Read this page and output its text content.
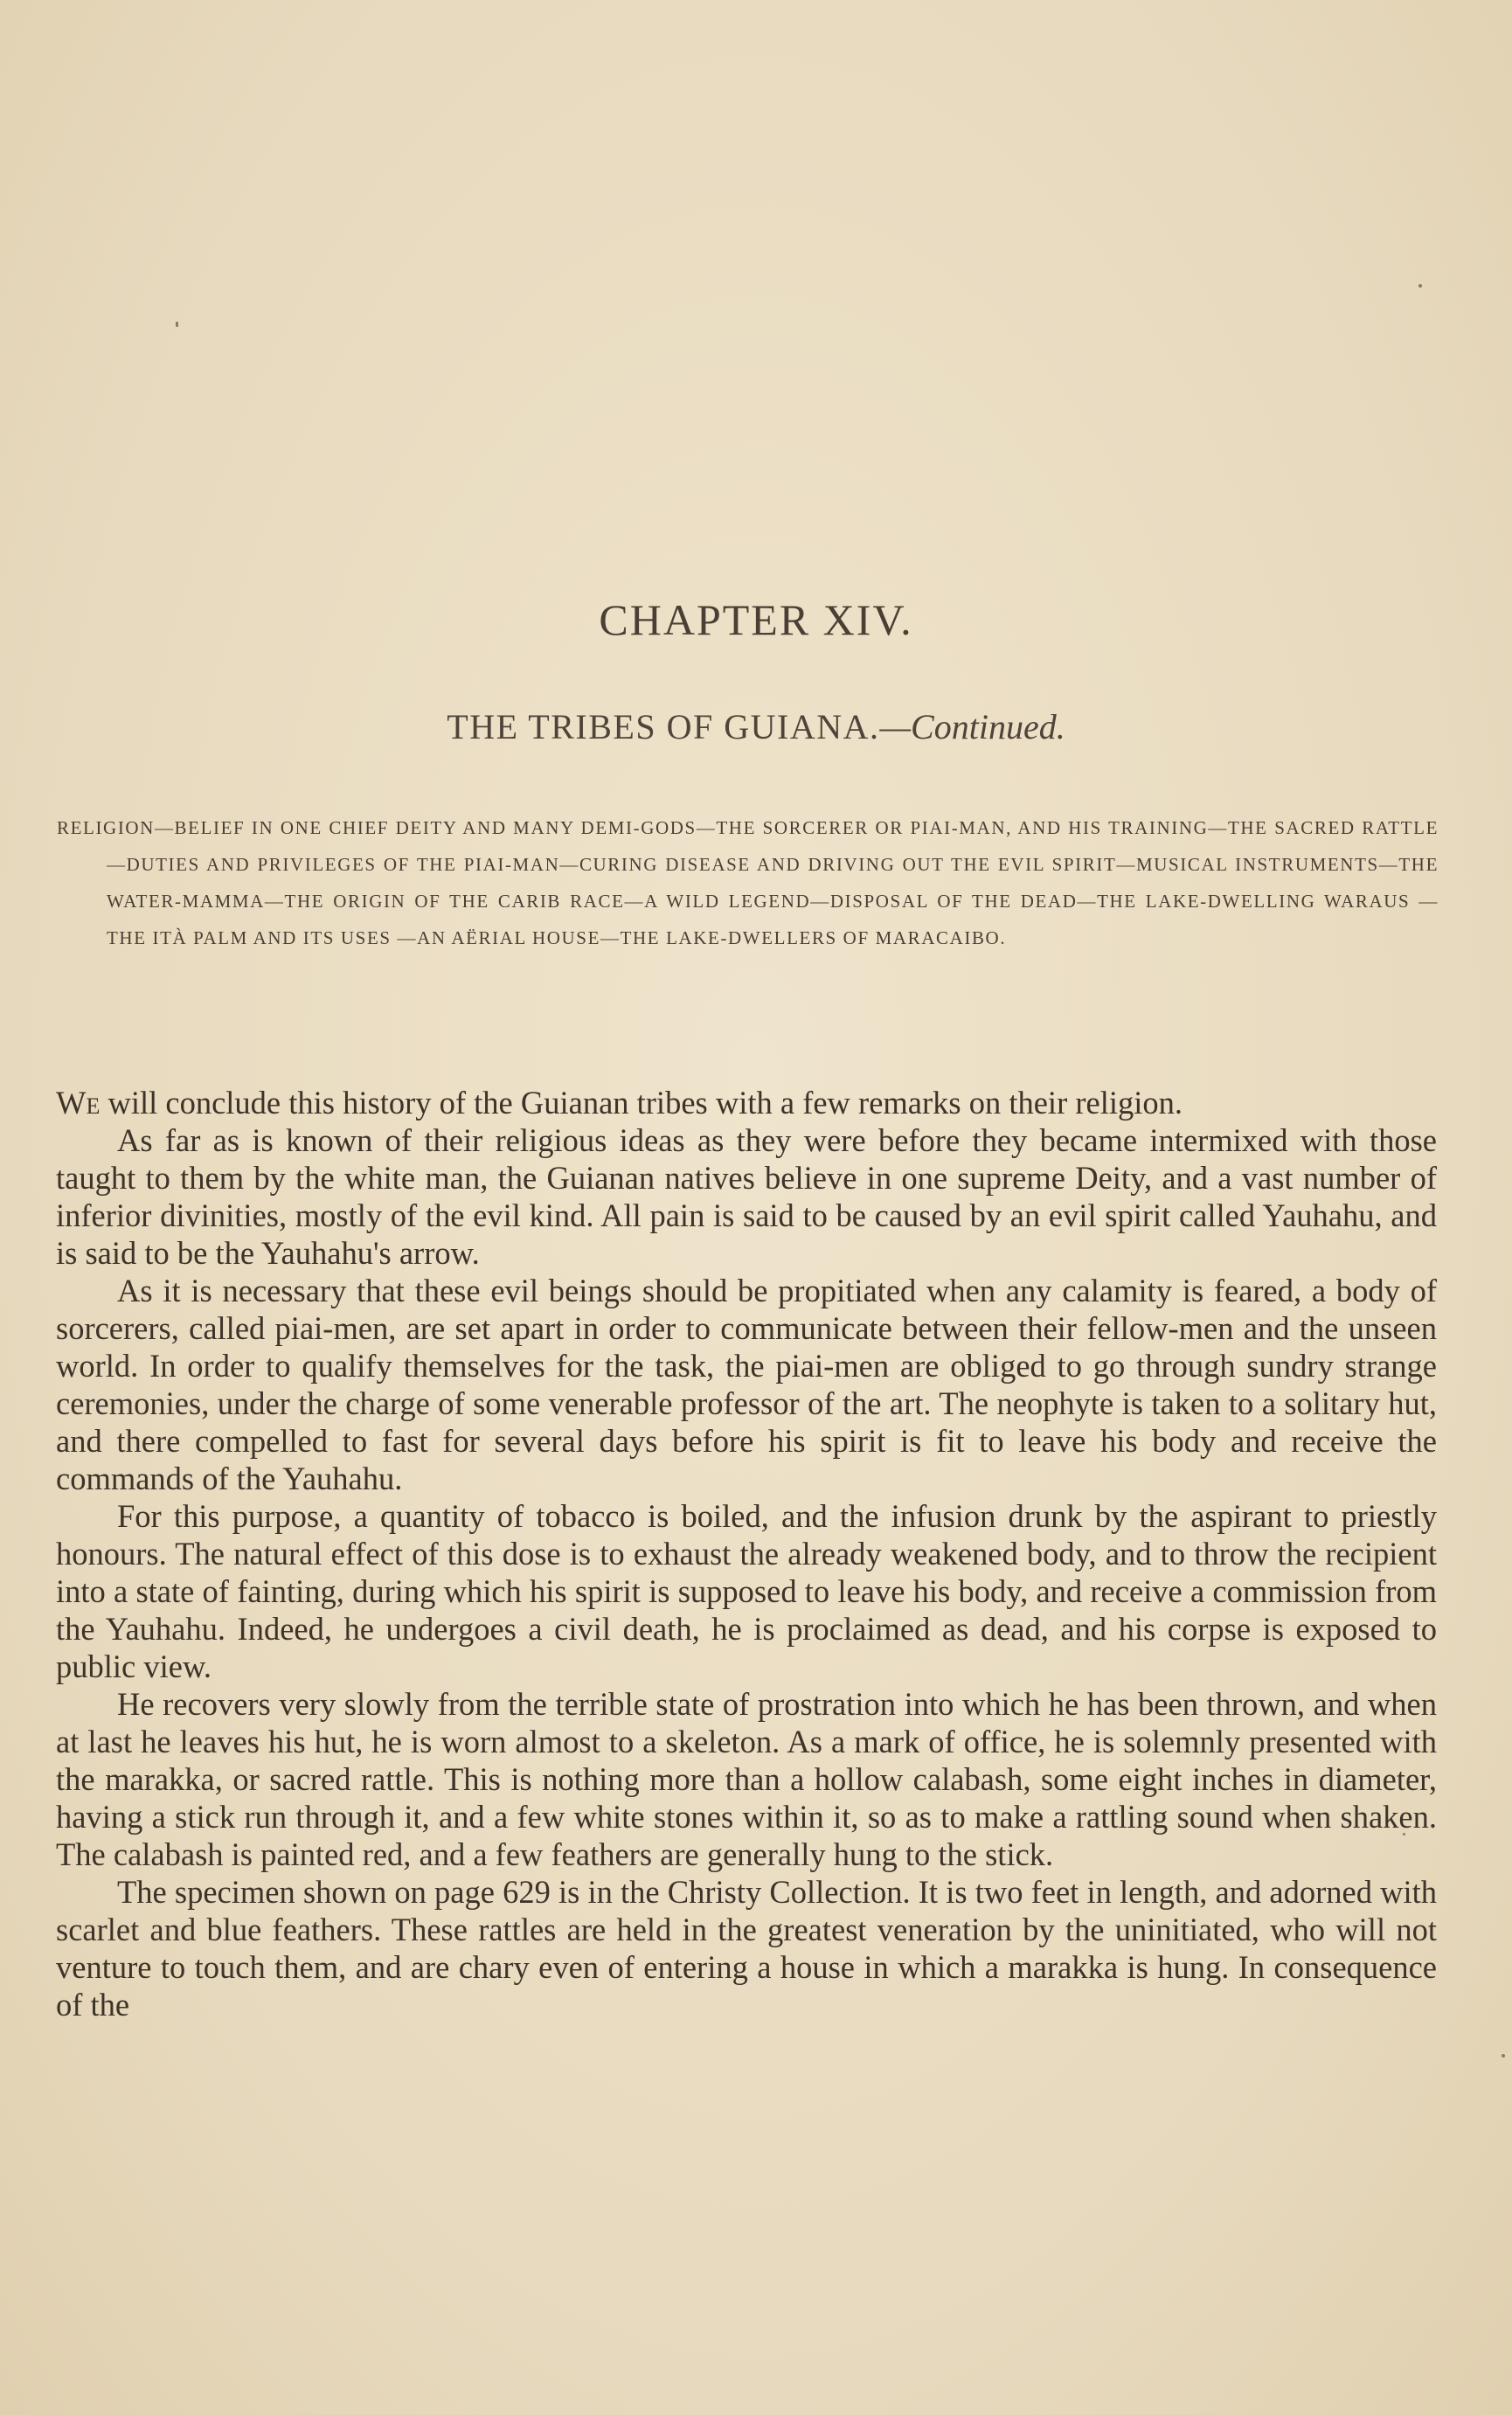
CHAPTER XIV.
THE TRIBES OF GUIANA.—Continued.
RELIGION—BELIEF IN ONE CHIEF DEITY AND MANY DEMI-GODS—THE SORCERER OR PIAI-MAN, AND HIS TRAINING—THE SACRED RATTLE—DUTIES AND PRIVILEGES OF THE PIAI-MAN—CURING DISEASE AND DRIVING OUT THE EVIL SPIRIT—MUSICAL INSTRUMENTS—THE WATER-MAMMA—THE ORIGIN OF THE CARIB RACE—A WILD LEGEND—DISPOSAL OF THE DEAD—THE LAKE-DWELLING WARAUS — THE ITÀ PALM AND ITS USES —AN AËRIAL HOUSE—THE LAKE-DWELLERS OF MARACAIBO.

We will conclude this history of the Guianan tribes with a few remarks on their religion.

As far as is known of their religious ideas as they were before they became intermixed with those taught to them by the white man, the Guianan natives believe in one supreme Deity, and a vast number of inferior divinities, mostly of the evil kind. All pain is said to be caused by an evil spirit called Yauhahu, and is said to be the Yauhahu's arrow.

As it is necessary that these evil beings should be propitiated when any calamity is feared, a body of sorcerers, called piai-men, are set apart in order to communicate between their fellow-men and the unseen world. In order to qualify themselves for the task, the piai-men are obliged to go through sundry strange ceremonies, under the charge of some venerable professor of the art. The neophyte is taken to a solitary hut, and there compelled to fast for several days before his spirit is fit to leave his body and receive the commands of the Yauhahu.

For this purpose, a quantity of tobacco is boiled, and the infusion drunk by the aspirant to priestly honours. The natural effect of this dose is to exhaust the already weakened body, and to throw the recipient into a state of fainting, during which his spirit is supposed to leave his body, and receive a commission from the Yauhahu. Indeed, he undergoes a civil death, he is proclaimed as dead, and his corpse is exposed to public view.

He recovers very slowly from the terrible state of prostration into which he has been thrown, and when at last he leaves his hut, he is worn almost to a skeleton. As a mark of office, he is solemnly presented with the marakka, or sacred rattle. This is nothing more than a hollow calabash, some eight inches in diameter, having a stick run through it, and a few white stones within it, so as to make a rattling sound when shaken. The calabash is painted red, and a few feathers are generally hung to the stick.

The specimen shown on page 629 is in the Christy Collection. It is two feet in length, and adorned with scarlet and blue feathers. These rattles are held in the greatest veneration by the uninitiated, who will not venture to touch them, and are chary even of entering a house in which a marakka is hung. In consequence of the
